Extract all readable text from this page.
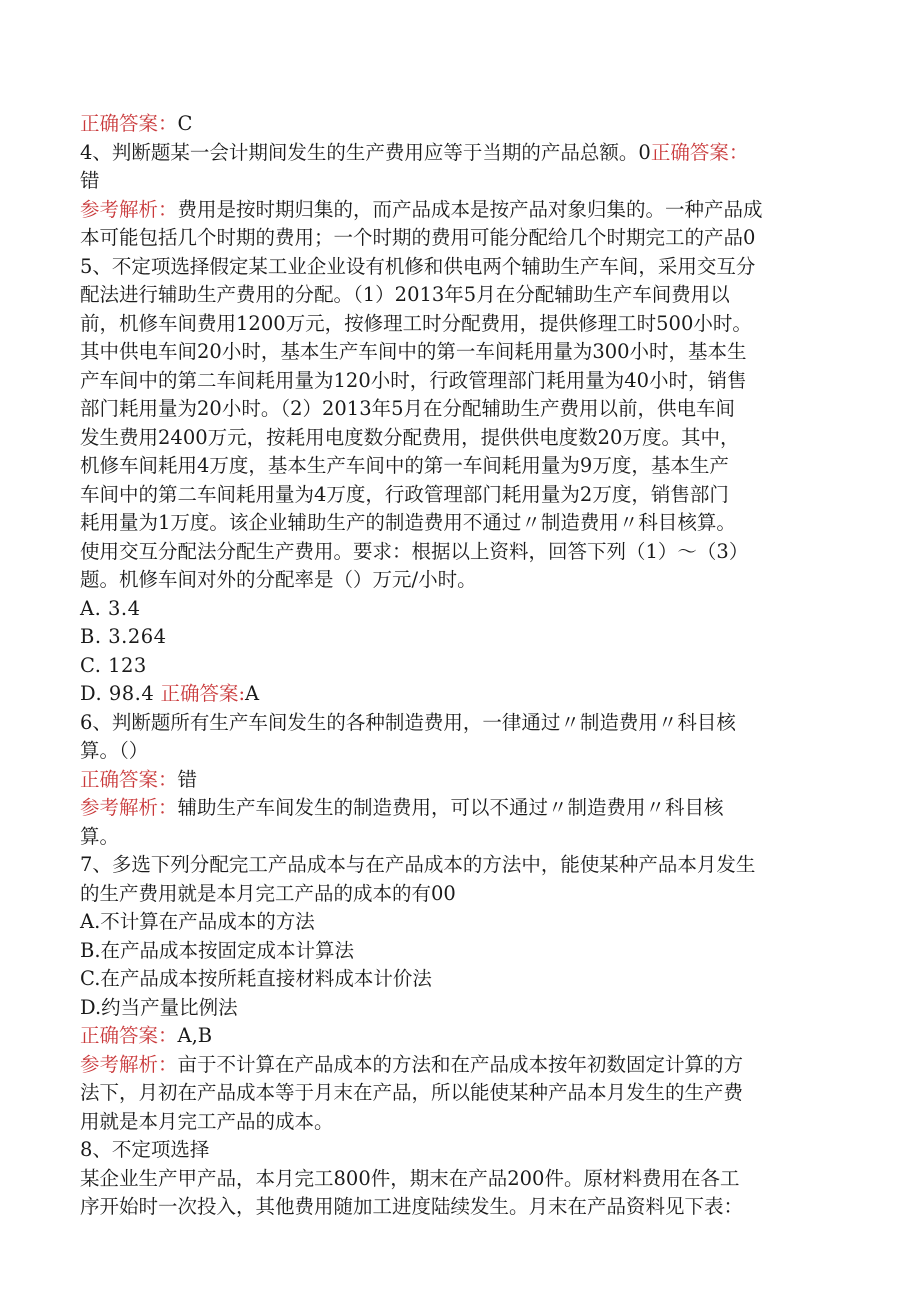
正确答案：C
4、判断题某一会计期间发生的生产费用应等于当期的产品总额。0正确答案：
错
参考解析：费用是按时期归集的，而产品成本是按产品对象归集的。一种产品成
本可能包括几个时期的费用；一个时期的费用可能分配给几个时期完工的产品0
5、不定项选择假定某工业企业设有机修和供电两个辅助生产车间，采用交互分
配法进行辅助生产费用的分配。（1）2013年5月在分配辅助生产车间费用以
前，机修车间费用1200万元，按修理工时分配费用，提供修理工时500小时。
其中供电车间20小时，基本生产车间中的第一车间耗用量为300小时，基本生
产车间中的第二车间耗用量为120小时，行政管理部门耗用量为40小时，销售
部门耗用量为20小时。（2）2013年5月在分配辅助生产费用以前，供电车间
发生费用2400万元，按耗用电度数分配费用，提供供电度数20万度。其中，
机修车间耗用4万度，基本生产车间中的第一车间耗用量为9万度，基本生产
车间中的第二车间耗用量为4万度，行政管理部门耗用量为2万度，销售部门
耗用量为1万度。该企业辅助生产的制造费用不通过〃制造费用〃科目核算。
使用交互分配法分配生产费用。要求：根据以上资料，回答下列（1）～（3）
题。机修车间对外的分配率是（）万元/小时。
A. 3.4
B. 3.264
C. 123
D. 98.4 正确答案:A
6、判断题所有生产车间发生的各种制造费用，一律通过〃制造费用〃科目核
算。（）
正确答案：错
参考解析：辅助生产车间发生的制造费用，可以不通过〃制造费用〃科目核
算。
7、多选下列分配完工产品成本与在产品成本的方法中，能使某种产品本月发生
的生产费用就是本月完工产品的成本的有00
A.不计算在产品成本的方法
B.在产品成本按固定成本计算法
C.在产品成本按所耗直接材料成本计价法
D.约当产量比例法
正确答案：A,B
参考解析：亩于不计算在产品成本的方法和在产品成本按年初数固定计算的方
法下，月初在产品成本等于月末在产品，所以能使某种产品本月发生的生产费
用就是本月完工产品的成本。
8、不定项选择
某企业生产甲产品，本月完工800件，期末在产品200件。原材料费用在各工
序开始时一次投入，其他费用随加工进度陆续发生。月末在产品资料见下表：
